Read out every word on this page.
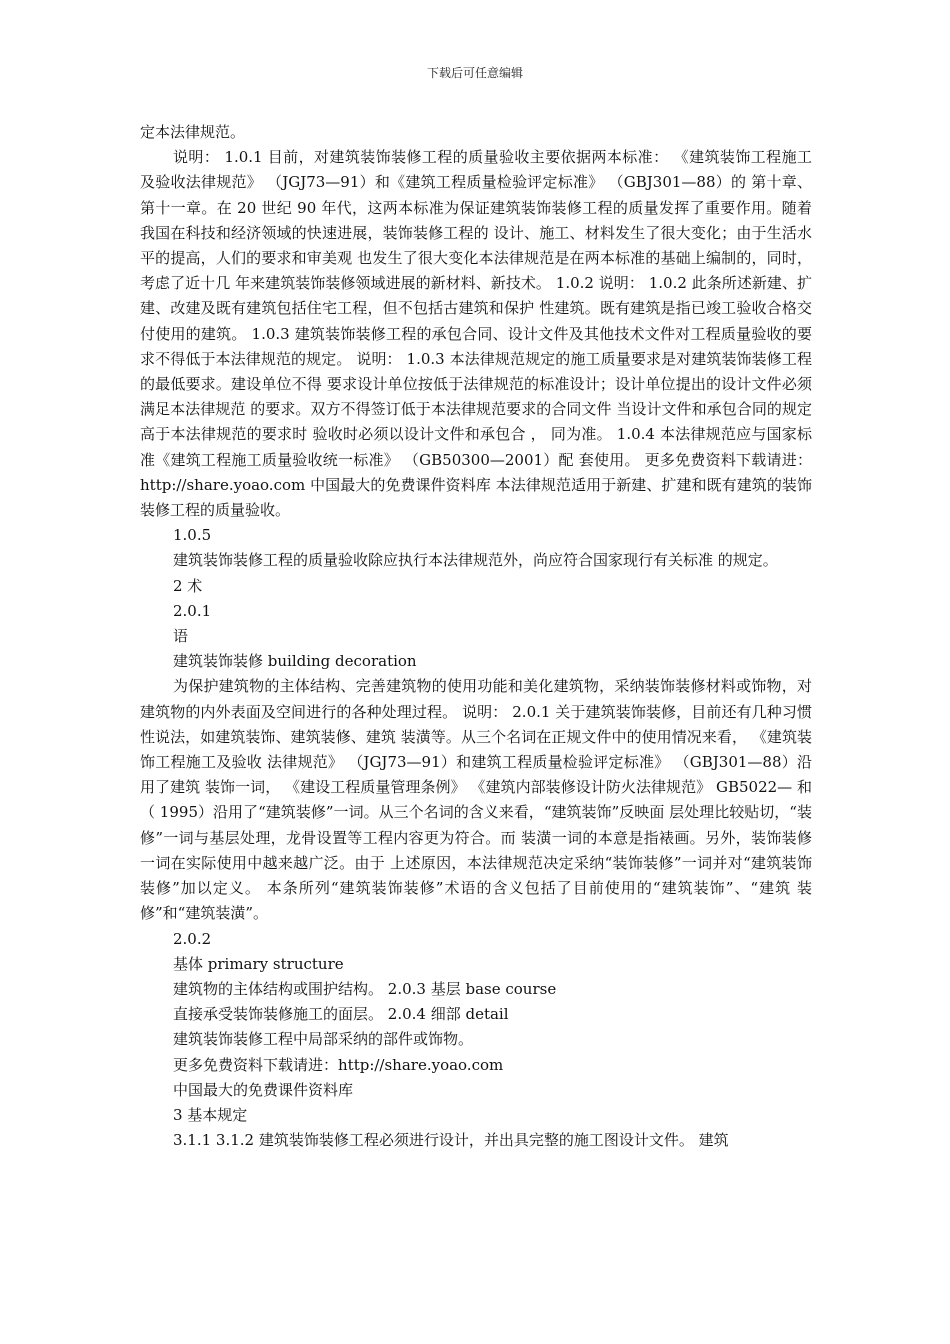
下载后可任意编辑

定本法律规范。

说明： 1.0.1 目前，对建筑装饰装修工程的质量验收主要依据两本标准： 《建筑装饰工程施工 及验收法律规范》 （JGJ73—91）和《建筑工程质量检验评定标准》 （GBJ301—88）的 第十章、第十一章。在 20 世纪 90 年代，这两本标准为保证建筑装饰装修工程的质量发挥了重要作用。随着我国在科技和经济领域的快速进展，装饰装修工程的 设计、施工、材料发生了很大变化；由于生活水平的提高，人们的要求和审美观 也发生了很大变化本法律规范是在两本标准的基础上编制的，同时，考虑了近十几 年来建筑装饰装修领域进展的新材料、新技术。 1.0.2 说明： 1.0.2 此条所述新建、扩建、改建及既有建筑包括住宅工程，但不包括古建筑和保护 性建筑。既有建筑是指已竣工验收合格交付使用的建筑。 1.0.3 建筑装饰装修工程的承包合同、设计文件及其他技术文件对工程质量验收的要 求不得低于本法律规范的规定。 说明： 1.0.3 本法律规范规定的施工质量要求是对建筑装饰装修工程的最低要求。建设单位不得 要求设计单位按低于法律规范的标准设计；设计单位提出的设计文件必须满足本法律规范 的要求。双方不得签订低于本法律规范要求的合同文件 当设计文件和承包合同的规定高于本法律规范的要求时 验收时必须以设计文件和承包合 ， 同为准。 1.0.4 本法律规范应与国家标准《建筑工程施工质量验收统一标准》 （GB50300—2001）配 套使用。 更多免费资料下载请进：http://share.yoao.com 中国最大的免费课件资料库 本法律规范适用于新建、扩建和既有建筑的装饰装修工程的质量验收。

1.0.5

建筑装饰装修工程的质量验收除应执行本法律规范外，尚应符合国家现行有关标准 的规定。

2 术

2.0.1

语

建筑装饰装修 building decoration

为保护建筑物的主体结构、完善建筑物的使用功能和美化建筑物，采纳装饰装修材料或饰物，对建筑物的内外表面及空间进行的各种处理过程。 说明： 2.0.1 关于建筑装饰装修，目前还有几种习惯性说法，如建筑装饰、建筑装修、建筑 装潢等。从三个名词在正规文件中的使用情况来看， 《建筑装饰工程施工及验收 法律规范》 （JGJ73—91）和建筑工程质量检验评定标准》 （GBJ301—88）沿用了建筑 装饰一词， 《建设工程质量管理条例》 《建筑内部装修设计防火法律规范》 GB5022— 和 （ 1995）沿用了“建筑装修”一词。从三个名词的含义来看，“建筑装饰”反映面 层处理比较贴切，“装修”一词与基层处理，龙骨设置等工程内容更为符合。而 装潢一词的本意是指裱画。另外，装饰装修一词在实际使用中越来越广泛。由于 上述原因，本法律规范决定采纳“装饰装修”一词并对“建筑装饰装修”加以定义。 本条所列“建筑装饰装修”术语的含义包括了目前使用的“建筑装饰”、“建筑 装修”和“建筑装潢”。

2.0.2

基体 primary structure

建筑物的主体结构或围护结构。 2.0.3 基层 base course

直接承受装饰装修施工的面层。 2.0.4 细部 detail

建筑装饰装修工程中局部采纳的部件或饰物。

更多免费资料下载请进：http://share.yoao.com

中国最大的免费课件资料库

3 基本规定

3.1.1 3.1.2 建筑装饰装修工程必须进行设计，并出具完整的施工图设计文件。 建筑
